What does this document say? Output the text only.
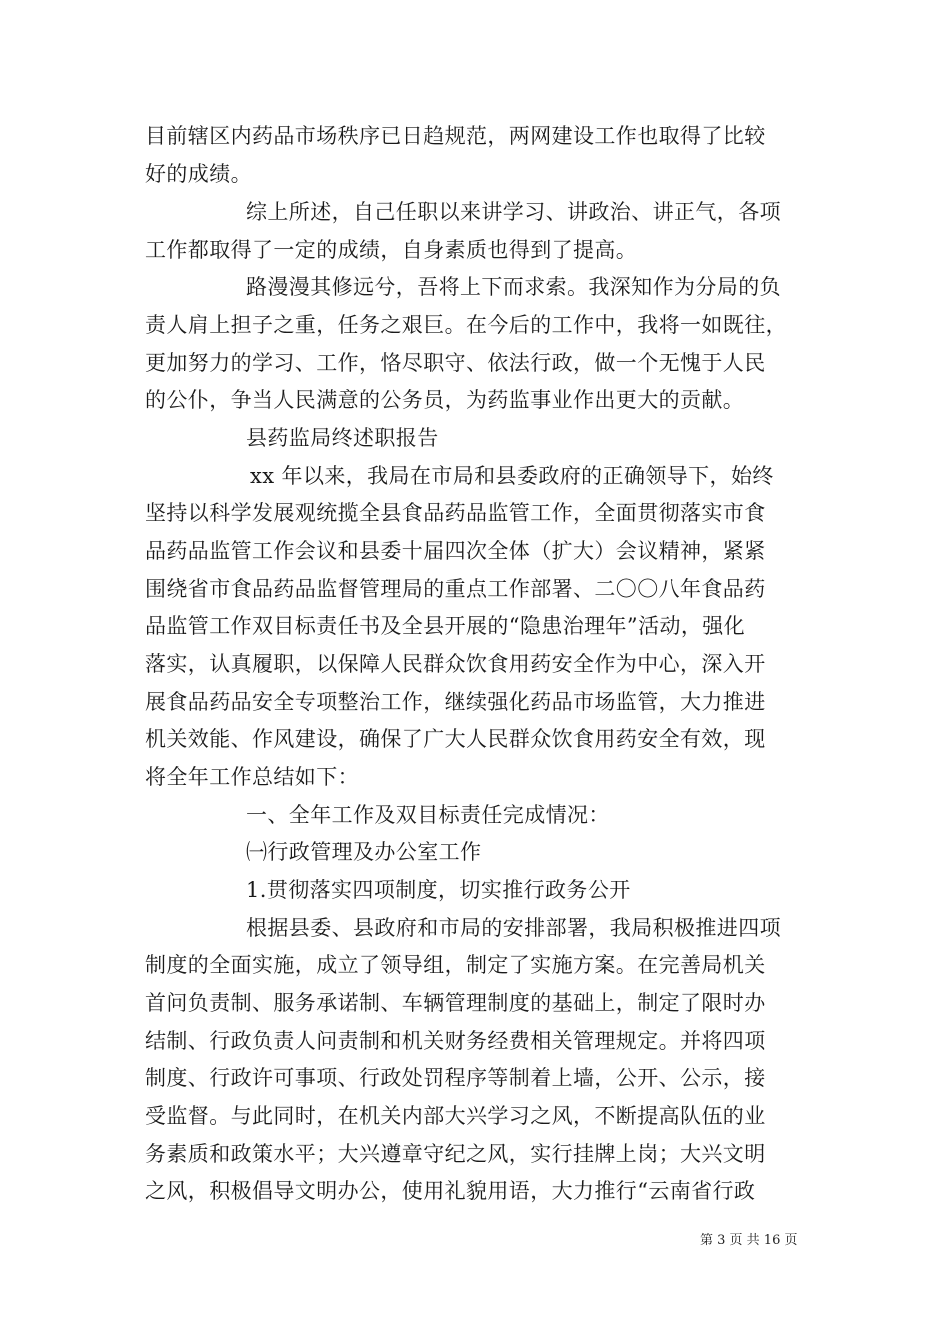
目前辖区内药品市场秩序已日趋规范，两网建设工作也取得了比较
好的成绩。
综上所述，自己任职以来讲学习、讲政治、讲正气，各项
工作都取得了一定的成绩，自身素质也得到了提高。
路漫漫其修远兮，吾将上下而求索。我深知作为分局的负
责人肩上担子之重，任务之艰巨。在今后的工作中，我将一如既往，
更加努力的学习、工作，恪尽职守、依法行政，做一个无愧于人民
的公仆，争当人民满意的公务员，为药监事业作出更大的贡献。
县药监局终述职报告
xx 年以来，我局在市局和县委政府的正确领导下，始终
坚持以科学发展观统揽全县食品药品监管工作，全面贯彻落实市食
品药品监管工作会议和县委十届四次全体（扩大）会议精神，紧紧
围绕省市食品药品监督管理局的重点工作部署、二〇〇八年食品药
品监管工作双目标责任书及全县开展的“隐患治理年”活动，强化
落实，认真履职，以保障人民群众饮食用药安全作为中心，深入开
展食品药品安全专项整治工作，继续强化药品市场监管，大力推进
机关效能、作风建设，确保了广大人民群众饮食用药安全有效，现
将全年工作总结如下：
一、全年工作及双目标责任完成情况：
㈠行政管理及办公室工作
1.贯彻落实四项制度，切实推行政务公开
根据县委、县政府和市局的安排部署，我局积极推进四项
制度的全面实施，成立了领导组，制定了实施方案。在完善局机关
首问负责制、服务承诺制、车辆管理制度的基础上，制定了限时办
结制、行政负责人问责制和机关财务经费相关管理规定。并将四项
制度、行政许可事项、行政处罚程序等制着上墙，公开、公示，接
受监督。与此同时，在机关内部大兴学习之风，不断提高队伍的业
务素质和政策水平；大兴遵章守纪之风，实行挂牌上岗；大兴文明
之风，积极倡导文明办公，使用礼貌用语，大力推行“云南省行政
第 3 页 共 16 页
